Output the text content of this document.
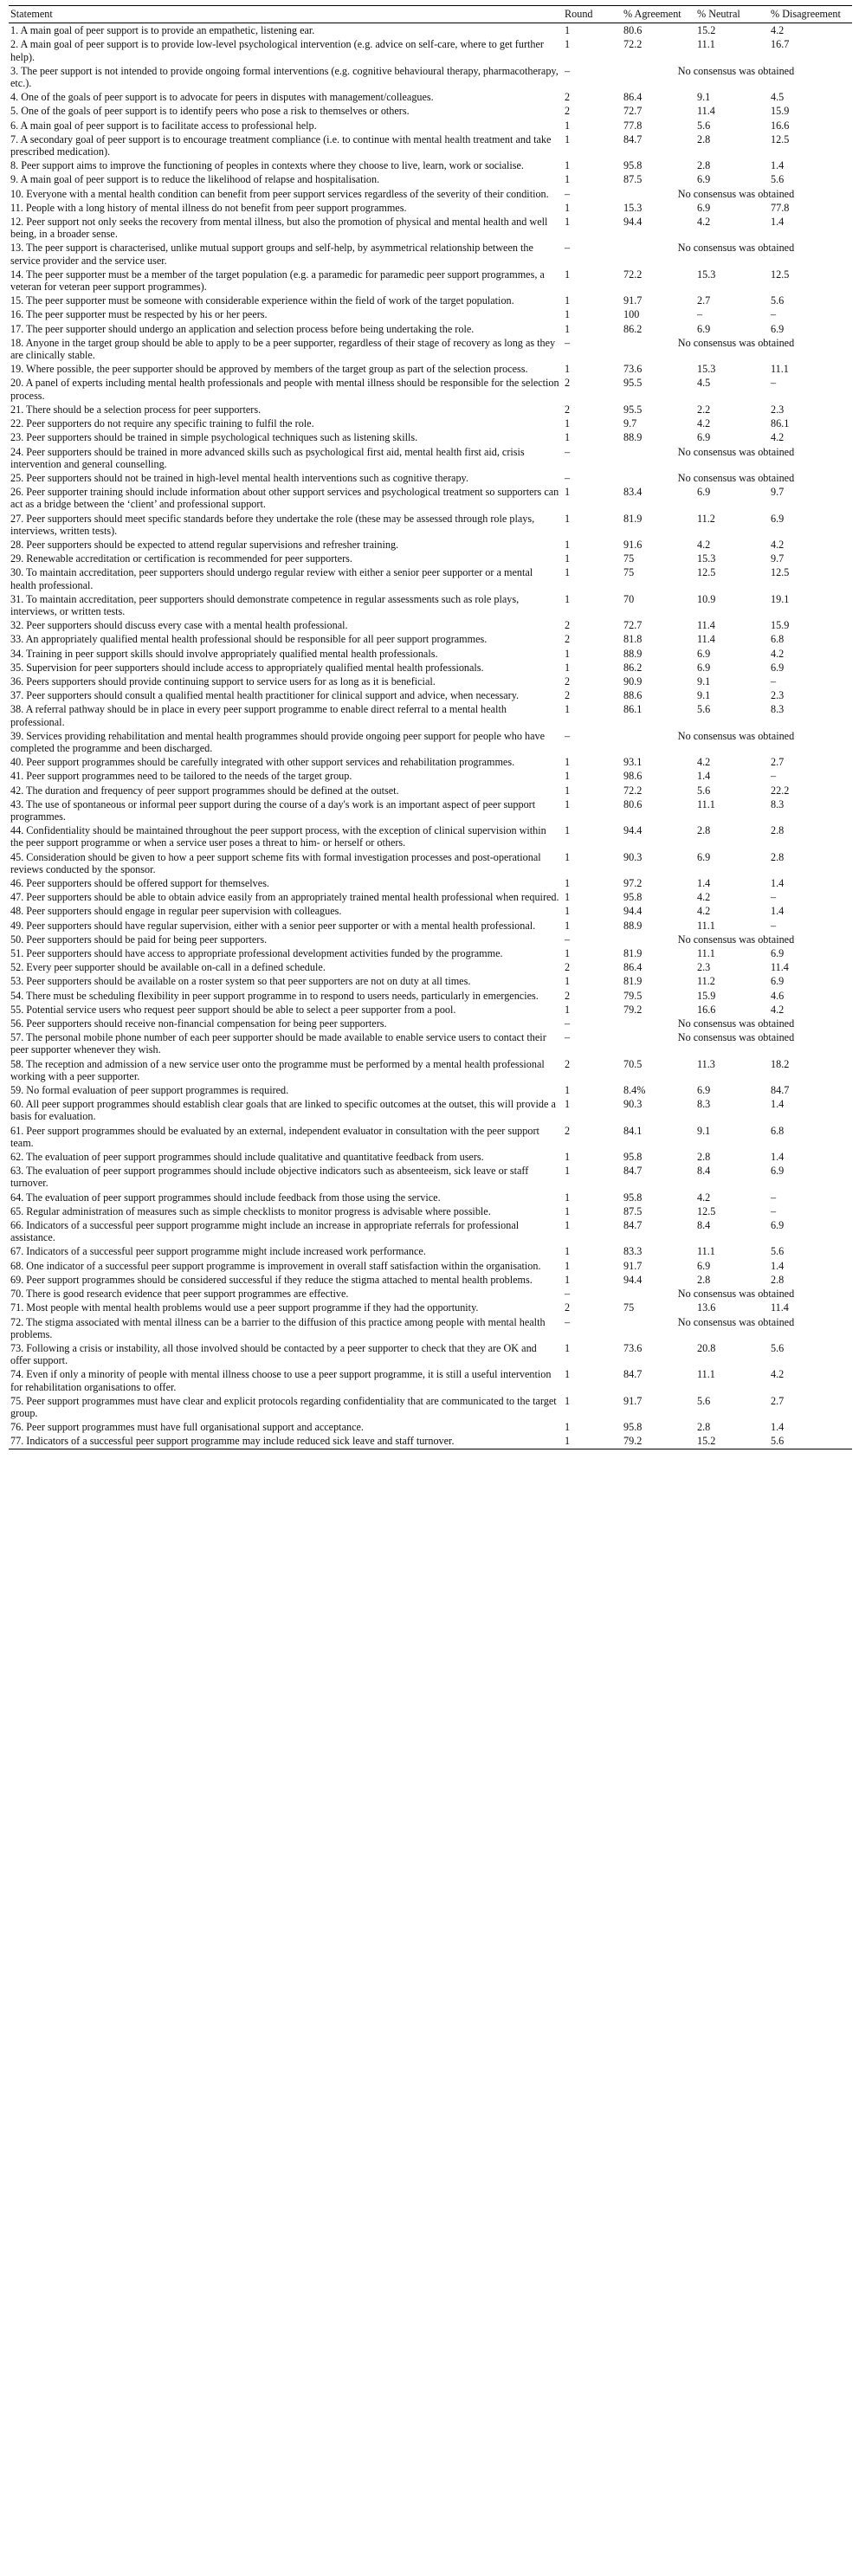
Statement	Round	% Agreement	% Neutral	% Disagreement
1. A main goal of peer support is to provide an empathetic, listening ear.	1	80.6	15.2	4.2
2. A main goal of peer support is to provide low-level psychological intervention (e.g. advice on self-care, where to get further help).	1	72.2	11.1	16.7
3. The peer support is not intended to provide ongoing formal interventions (e.g. cognitive behavioural therapy, pharmacotherapy, etc.).	–	No consensus was obtained		
4. One of the goals of peer support is to advocate for peers in disputes with management/colleagues.	2	86.4	9.1	4.5
5. One of the goals of peer support is to identify peers who pose a risk to themselves or others.	2	72.7	11.4	15.9
6. A main goal of peer support is to facilitate access to professional help.	1	77.8	5.6	16.6
7. A secondary goal of peer support is to encourage treatment compliance (i.e. to continue with mental health treatment and take prescribed medication).	1	84.7	2.8	12.5
8. Peer support aims to improve the functioning of peoples in contexts where they choose to live, learn, work or socialise.	1	95.8	2.8	1.4
9. A main goal of peer support is to reduce the likelihood of relapse and hospitalisation.	1	87.5	6.9	5.6
10. Everyone with a mental health condition can benefit from peer support services regardless of the severity of their condition.	–	No consensus was obtained		
11. People with a long history of mental illness do not benefit from peer support programmes.	1	15.3	6.9	77.8
12. Peer support not only seeks the recovery from mental illness, but also the promotion of physical and mental health and well being, in a broader sense.	1	94.4	4.2	1.4
13. The peer support is characterised, unlike mutual support groups and self-help, by asymmetrical relationship between the service provider and the service user.	–	No consensus was obtained		
14. The peer supporter must be a member of the target population (e.g. a paramedic for paramedic peer support programmes, a veteran for veteran peer support programmes).	1	72.2	15.3	12.5
15. The peer supporter must be someone with considerable experience within the field of work of the target population.	1	91.7	2.7	5.6
16. The peer supporter must be respected by his or her peers.	1	100	–	–
17. The peer supporter should undergo an application and selection process before being undertaking the role.	1	86.2	6.9	6.9
18. Anyone in the target group should be able to apply to be a peer supporter, regardless of their stage of recovery as long as they are clinically stable.	–	No consensus was obtained		
19. Where possible, the peer supporter should be approved by members of the target group as part of the selection process.	1	73.6	15.3	11.1
20. A panel of experts including mental health professionals and people with mental illness should be responsible for the selection process.	2	95.5	4.5	–
21. There should be a selection process for peer supporters.	2	95.5	2.2	2.3
22. Peer supporters do not require any specific training to fulfil the role.	1	9.7	4.2	86.1
23. Peer supporters should be trained in simple psychological techniques such as listening skills.	1	88.9	6.9	4.2
24. Peer supporters should be trained in more advanced skills such as psychological first aid, mental health first aid, crisis intervention and general counselling.	–	No consensus was obtained		
25. Peer supporters should not be trained in high-level mental health interventions such as cognitive therapy.	–	No consensus was obtained		
26. Peer supporter training should include information about other support services and psychological treatment so supporters can act as a bridge between the ‘client’ and professional support.	1	83.4	6.9	9.7
27. Peer supporters should meet specific standards before they undertake the role (these may be assessed through role plays, interviews, written tests).	1	81.9	11.2	6.9
28. Peer supporters should be expected to attend regular supervisions and refresher training.	1	91.6	4.2	4.2
29. Renewable accreditation or certification is recommended for peer supporters.	1	75	15.3	9.7
30. To maintain accreditation, peer supporters should undergo regular review with either a senior peer supporter or a mental health professional.	1	75	12.5	12.5
31. To maintain accreditation, peer supporters should demonstrate competence in regular assessments such as role plays, interviews, or written tests.	1	70	10.9	19.1
32. Peer supporters should discuss every case with a mental health professional.	2	72.7	11.4	15.9
33. An appropriately qualified mental health professional should be responsible for all peer support programmes.	2	81.8	11.4	6.8
34. Training in peer support skills should involve appropriately qualified mental health professionals.	1	88.9	6.9	4.2
35. Supervision for peer supporters should include access to appropriately qualified mental health professionals.	1	86.2	6.9	6.9
36. Peers supporters should provide continuing support to service users for as long as it is beneficial.	2	90.9	9.1	–
37. Peer supporters should consult a qualified mental health practitioner for clinical support and advice, when necessary.	2	88.6	9.1	2.3
38. A referral pathway should be in place in every peer support programme to enable direct referral to a mental health professional.	1	86.1	5.6	8.3
39. Services providing rehabilitation and mental health programmes should provide ongoing peer support for people who have completed the programme and been discharged.	–	No consensus was obtained		
40. Peer support programmes should be carefully integrated with other support services and rehabilitation programmes.	1	93.1	4.2	2.7
41. Peer support programmes need to be tailored to the needs of the target group.	1	98.6	1.4	–
42. The duration and frequency of peer support programmes should be defined at the outset.	1	72.2	5.6	22.2
43. The use of spontaneous or informal peer support during the course of a day's work is an important aspect of peer support programmes.	1	80.6	11.1	8.3
44. Confidentiality should be maintained throughout the peer support process, with the exception of clinical supervision within the peer support programme or when a service user poses a threat to him- or herself or others.	1	94.4	2.8	2.8
45. Consideration should be given to how a peer support scheme fits with formal investigation processes and post-operational reviews conducted by the sponsor.	1	90.3	6.9	2.8
46. Peer supporters should be offered support for themselves.	1	97.2	1.4	1.4
47. Peer supporters should be able to obtain advice easily from an appropriately trained mental health professional when required.	1	95.8	4.2	–
48. Peer supporters should engage in regular peer supervision with colleagues.	1	94.4	4.2	1.4
49. Peer supporters should have regular supervision, either with a senior peer supporter or with a mental health professional.	1	88.9	11.1	–
50. Peer supporters should be paid for being peer supporters.	–	No consensus was obtained		
51. Peer supporters should have access to appropriate professional development activities funded by the programme.	1	81.9	11.1	6.9
52. Every peer supporter should be available on-call in a defined schedule.	2	86.4	2.3	11.4
53. Peer supporters should be available on a roster system so that peer supporters are not on duty at all times.	1	81.9	11.2	6.9
54. There must be scheduling flexibility in peer support programme in to respond to users needs, particularly in emergencies.	2	79.5	15.9	4.6
55. Potential service users who request peer support should be able to select a peer supporter from a pool.	1	79.2	16.6	4.2
56. Peer supporters should receive non-financial compensation for being peer supporters.	–	No consensus was obtained		
57. The personal mobile phone number of each peer supporter should be made available to enable service users to contact their peer supporter whenever they wish.	–	No consensus was obtained		
58. The reception and admission of a new service user onto the programme must be performed by a mental health professional working with a peer supporter.	2	70.5	11.3	18.2
59. No formal evaluation of peer support programmes is required.	1	8.4%	6.9	84.7
60. All peer support programmes should establish clear goals that are linked to specific outcomes at the outset, this will provide a basis for evaluation.	1	90.3	8.3	1.4
61. Peer support programmes should be evaluated by an external, independent evaluator in consultation with the peer support team.	2	84.1	9.1	6.8
62. The evaluation of peer support programmes should include qualitative and quantitative feedback from users.	1	95.8	2.8	1.4
63. The evaluation of peer support programmes should include objective indicators such as absenteeism, sick leave or staff turnover.	1	84.7	8.4	6.9
64. The evaluation of peer support programmes should include feedback from those using the service.	1	95.8	4.2	–
65. Regular administration of measures such as simple checklists to monitor progress is advisable where possible.	1	87.5	12.5	–
66. Indicators of a successful peer support programme might include an increase in appropriate referrals for professional assistance.	1	84.7	8.4	6.9
67. Indicators of a successful peer support programme might include increased work performance.	1	83.3	11.1	5.6
68. One indicator of a successful peer support programme is improvement in overall staff satisfaction within the organisation.	1	91.7	6.9	1.4
69. Peer support programmes should be considered successful if they reduce the stigma attached to mental health problems.	1	94.4	2.8	2.8
70. There is good research evidence that peer support programmes are effective.	–	No consensus was obtained		
71. Most people with mental health problems would use a peer support programme if they had the opportunity.	2	75	13.6	11.4
72. The stigma associated with mental illness can be a barrier to the diffusion of this practice among people with mental health problems.	–	No consensus was obtained		
73. Following a crisis or instability, all those involved should be contacted by a peer supporter to check that they are OK and offer support.	1	73.6	20.8	5.6
74. Even if only a minority of people with mental illness choose to use a peer support programme, it is still a useful intervention for rehabilitation organisations to offer.	1	84.7	11.1	4.2
75. Peer support programmes must have clear and explicit protocols regarding confidentiality that are communicated to the target group.	1	91.7	5.6	2.7
76. Peer support programmes must have full organisational support and acceptance.	1	95.8	2.8	1.4
77. Indicators of a successful peer support programme may include reduced sick leave and staff turnover.	1	79.2	15.2	5.6
